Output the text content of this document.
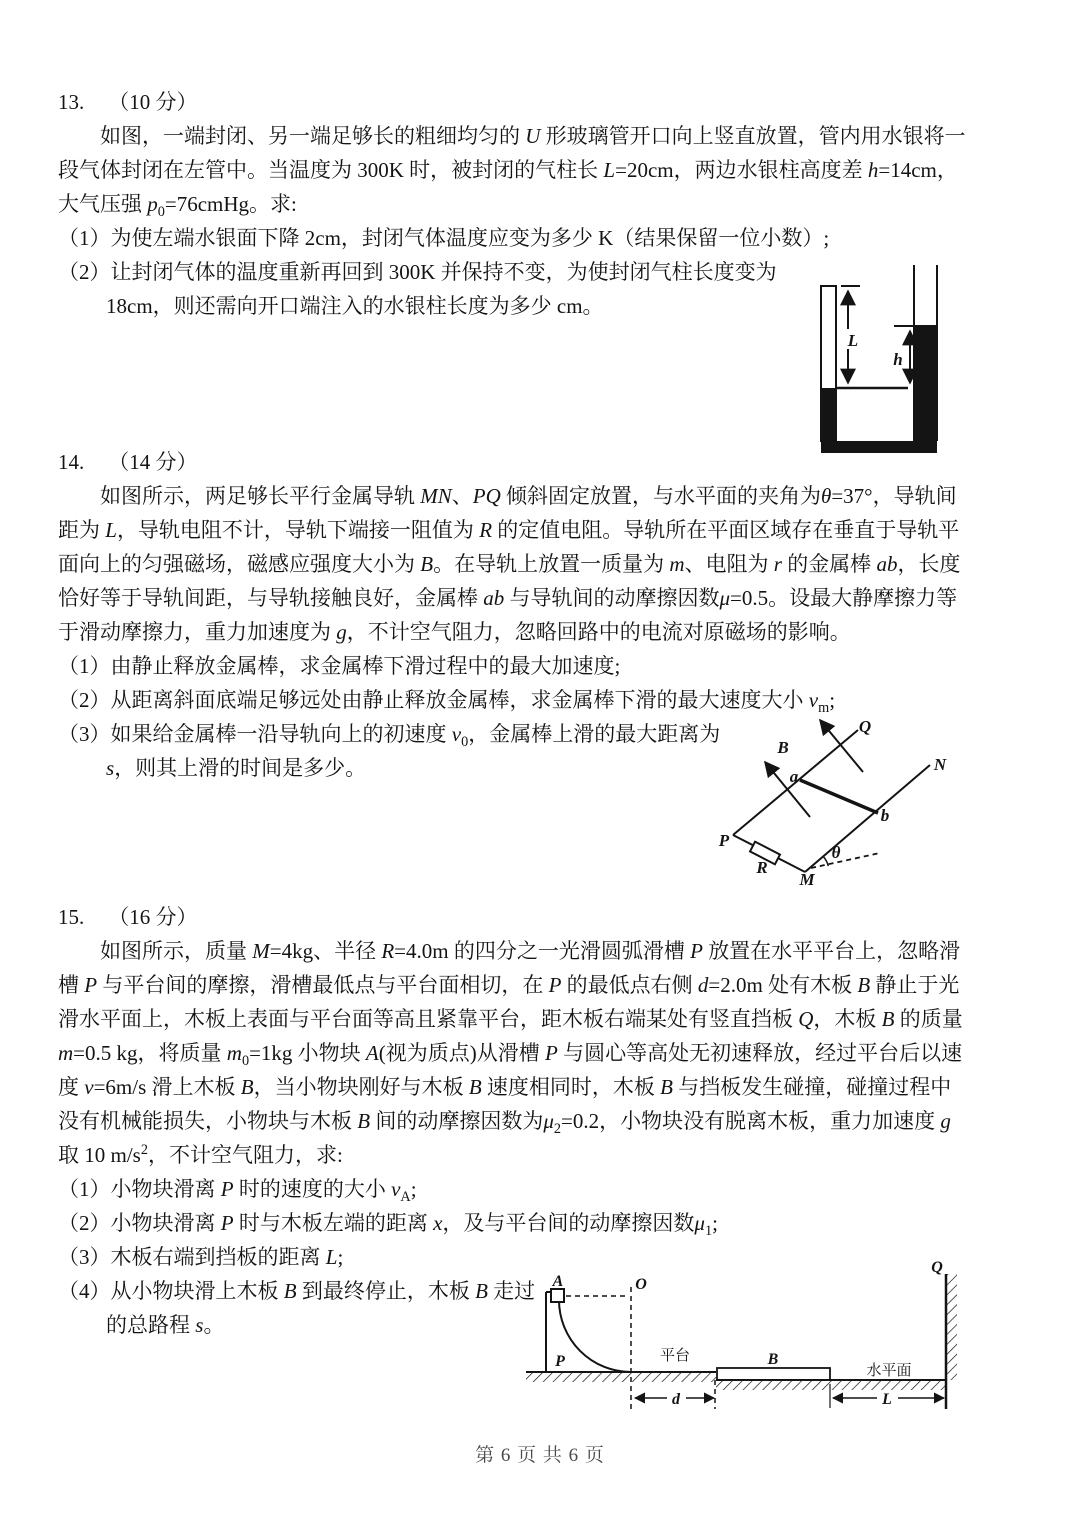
13. （10 分）

如图，一端封闭、另一端足够长的粗细均匀的 U 形玻璃管开口向上竖直放置，管内用水银将一段气体封闭在左管中。当温度为 300K 时，被封闭的气柱长 L=20cm，两边水银柱高度差 h=14cm，大气压强 $p_0=76cmHg$。求:

（1）为使左端水银面下降 2cm，封闭气体温度应变为多少 K（结果保留一位小数）;

（2）让封闭气体的温度重新再回到 300K 并保持不变，为使封闭气柱长度变为 18cm，则还需向开口端注入的水银柱长度为多少 cm。

14. （14 分）

如图所示，两足够长平行金属导轨 MN、PQ 倾斜固定放置，与水平面的夹角为θ=37°，导轨间距为 L，导轨电阻不计，导轨下端接一阻值为 R 的定值电阻。导轨所在平面区域存在垂直于导轨平面向上的匀强磁场，磁感应强度大小为 B。在导轨上放置一质量为 m、电阻为 r 的金属棒 ab，长度恰好等于导轨间距，与导轨接触良好，金属棒 ab 与导轨间的动摩擦因数μ=0.5。设最大静摩擦力等于滑动摩擦力，重力加速度为 g，不计空气阻力，忽略回路中的电流对原磁场的影响。

（1）由静止释放金属棒，求金属棒下滑过程中的最大加速度;

（2）从距离斜面底端足够远处由静止释放金属棒，求金属棒下滑的最大速度大小 $v_m$;

（3）如果给金属棒一沿导轨向上的初速度 $v_0$，金属棒上滑的最大距离为 s，则其上滑的时间是多少。

15. （16 分）

如图所示，质量 M=4kg、半径 R=4.0m 的四分之一光滑圆弧滑槽 P 放置在水平平台上，忽略滑槽 P 与平台间的摩擦，滑槽最低点与平台面相切，在 P 的最低点右侧 d=2.0m 处有木板 B 静止于光滑水平面上，木板上表面与平台面等高且紧靠平台，距木板右端某处有竖直挡板 Q，木板 B 的质量 m=0.5 kg，将质量 $m_0=1kg$ 小物块 A(视为质点)从滑槽 P 与圆心等高处无初速释放，经过平台后以速度 v=6m/s 滑上木板 B，当小物块刚好与木板 B 速度相同时，木板 B 与挡板发生碰撞，碰撞过程中没有机械能损失，小物块与木板 B 间的动摩擦因数为$\mu_2=0.2$，小物块没有脱离木板，重力加速度 g 取 10 $m/s^2$，不计空气阻力，求:

（1）小物块滑离 P 时的速度的大小 $v_A$;

（2）小物块滑离 P 时与木板左端的距离 x，及与平台间的动摩擦因数$\mu_1$;

（3）木板右端到挡板的距离 L;

（4）从小物块滑上木板 B 到最终停止，木板 B 走过的总路程 s。

L
h
P
Q
M
N
a
b
B
R
θ
A	O
P	B
Q
d	L
平台
水平面
第 6 页 共 6 页
